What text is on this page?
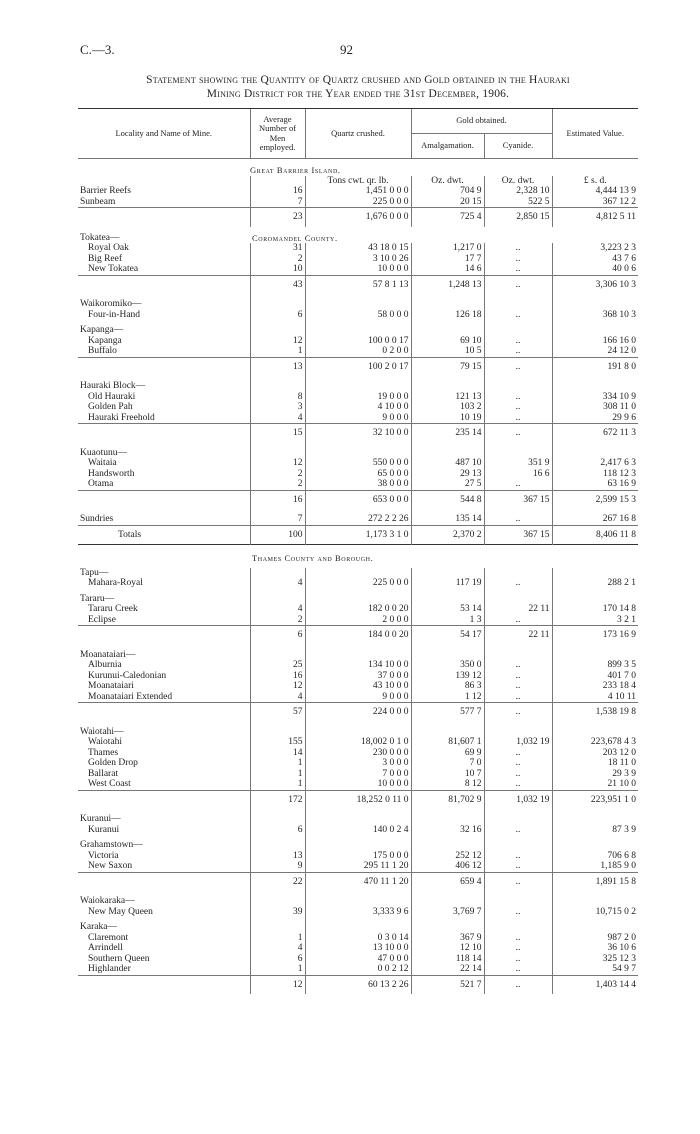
C.—3.	92
Statement showing the Quantity of Quartz crushed and Gold obtained in the Hauraki
Mining District for the Year ended the 31st December, 1906.
Locality and Name of Mine.	Average Number of Men employed.	Quartz crushed.	Gold obtained.		Estimated Value.
			Amalgamation.	Cyanide.	
	Great Barrier Island.				
		Tons cwt. qr. lb.	Oz. dwt.	Oz. dwt.	£ s. d.
Barrier Reefs	16	1,451 0 0 0	704 9	2,328 10	4,444 13 9
Sunbeam	7	225 0 0 0	20 15	522 5	367 12 2
	23	1,676 0 0 0	725 4	2,850 15	4,812 5 11
Tokatea—	Coromandel County.				
Royal Oak	31	43 18 0 15	1,217 0	..	3,223 2 3
Big Reef	2	3 10 0 26	17 7	..	43 7 6
New Tokatea	10	10 0 0 0	14 6	..	40 0 6
	43	57 8 1 13	1,248 13	..	3,306 10 3
Waikoromiko—					
Four-in-Hand	6	58 0 0 0	126 18	..	368 10 3
Kapanga—					
Kapanga	12	100 0 0 17	69 10	..	166 16 0
Buffalo	1	0 2 0 0	10 5	..	24 12 0
	13	100 2 0 17	79 15	..	191 8 0
Hauraki Block—					
Old Hauraki	8	19 0 0 0	121 13	..	334 10 9
Golden Pah	3	4 10 0 0	103 2	..	308 11 0
Hauraki Freehold	4	9 0 0 0	10 19	..	29 9 6
	15	32 10 0 0	235 14	..	672 11 3
Kuaotunu—					
Waitaia	12	550 0 0 0	487 10	351 9	2,417 6 3
Handsworth	2	65 0 0 0	29 13	16 6	118 12 3
Otama	2	38 0 0 0	27 5	..	63 16 9
	16	653 0 0 0	544 8	367 15	2,599 15 3
Sundries	7	272 2 2 26	135 14	..	267 16 8
Totals	100	1,173 3 1 0	2,370 2	367 15	8,406 11 8
	Thames County and Borough.				
Tapu—					
Mahara-Royal	4	225 0 0 0	117 19	..	288 2 1
Tararu—					
Tararu Creek	4	182 0 0 20	53 14	22 11	170 14 8
Eclipse	2	2 0 0 0	1 3	..	3 2 1
	6	184 0 0 20	54 17	22 11	173 16 9
Moanataiari—					
Alburnia	25	134 10 0 0	350 0	..	899 3 5
Kurunui-Caledonian	16	37 0 0 0	139 12	..	401 7 0
Moanataiari	12	43 10 0 0	86 3	..	233 18 4
Moanataiari Extended	4	9 0 0 0	1 12	..	4 10 11
	57	224 0 0 0	577 7	..	1,538 19 8
Waiotahi—					
Waiotahi	155	18,002 0 1 0	81,607 1	1,032 19	223,678 4 3
Thames	14	230 0 0 0	69 9	..	203 12 0
Golden Drop	1	3 0 0 0	7 0	..	18 11 0
Ballarat	1	7 0 0 0	10 7	..	29 3 9
West Coast	1	10 0 0 0	8 12	..	21 10 0
	172	18,252 0 11 0	81,702 9	1,032 19	223,951 1 0
Kuranui—					
Kuranui	6	140 0 2 4	32 16	..	87 3 9
Grahamstown—					
Victoria	13	175 0 0 0	252 12	..	706 6 8
New Saxon	9	295 11 1 20	406 12	..	1,185 9 0
	22	470 11 1 20	659 4	..	1,891 15 8
Waiokaraka—					
New May Queen	39	3,333 9 6	3,769 7	..	10,715 0 2
Karaka—					
Claremont	1	0 3 0 14	367 9	..	987 2 0
Arrindell	4	13 10 0 0	12 10	..	36 10 6
Southern Queen	6	47 0 0 0	118 14	..	325 12 3
Highlander	1	0 0 2 12	22 14	..	54 9 7
	12	60 13 2 26	521 7	..	1,403 14 4
